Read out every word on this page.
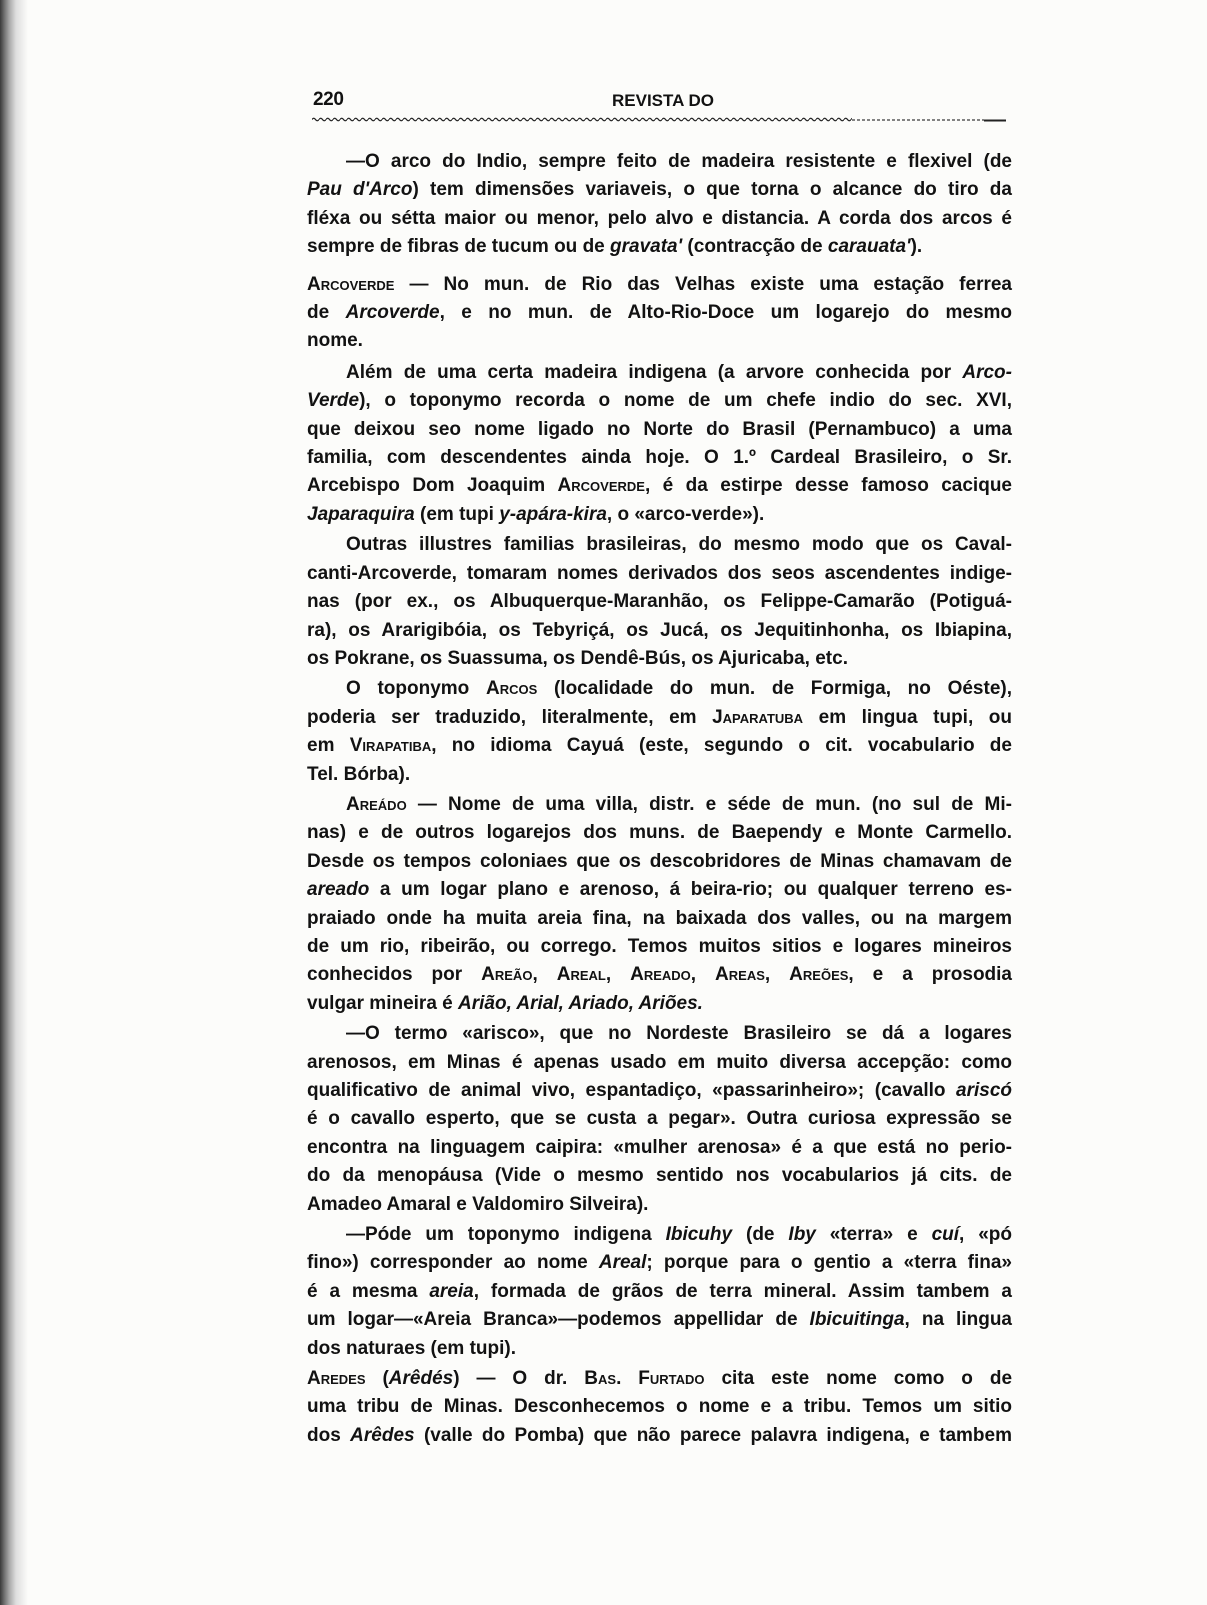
220	REVISTA DO
—O arco do Indio, sempre feito de madeira resistente e flexivel (de
Pau d'Arco) tem dimensões variaveis, o que torna o alcance do tiro da
fléxa ou sétta maior ou menor, pelo alvo e distancia. A corda dos arcos é
sempre de fibras de tucum ou de gravata' (contracção de carauata').
Arcoverde — No mun. de Rio das Velhas existe uma estação ferrea
de Arcoverde, e no mun. de Alto-Rio-Doce um logarejo do mesmo
nome.
Além de uma certa madeira indigena (a arvore conhecida por Arco-
Verde), o toponymo recorda o nome de um chefe indio do sec. XVI,
que deixou seo nome ligado no Norte do Brasil (Pernambuco) a uma
familia, com descendentes ainda hoje. O 1.º Cardeal Brasileiro, o Sr.
Arcebispo Dom Joaquim Arcoverde, é da estirpe desse famoso cacique
Japaraquira (em tupi y-apára-kira, o «arco-verde»).
Outras illustres familias brasileiras, do mesmo modo que os Caval-
canti-Arcoverde, tomaram nomes derivados dos seos ascendentes indige-
nas (por ex., os Albuquerque-Maranhão, os Felippe-Camarão (Potiguá-
ra), os Ararigibóia, os Tebyriçá, os Jucá, os Jequitinhonha, os Ibiapina,
os Pokrane, os Suassuma, os Dendê-Bús, os Ajuricaba, etc.
O toponymo Arcos (localidade do mun. de Formiga, no Oéste),
poderia ser traduzido, literalmente, em Japaratuba em lingua tupi, ou
em Virapatiba, no idioma Cayuá (este, segundo o cit. vocabulario de
Tel. Bórba).
Areádo — Nome de uma villa, distr. e séde de mun. (no sul de Mi-
nas) e de outros logarejos dos muns. de Baependy e Monte Carmello.
Desde os tempos coloniaes que os descobridores de Minas chamavam de
areado a um logar plano e arenoso, á beira-rio; ou qualquer terreno es-
praiado onde ha muita areia fina, na baixada dos valles, ou na margem
de um rio, ribeirão, ou corrego. Temos muitos sitios e logares mineiros
conhecidos por Areão, Areal, Areado, Areas, Areões, e a prosodia
vulgar mineira é Arião, Arial, Ariado, Ariões.
—O termo «arisco», que no Nordeste Brasileiro se dá a logares
arenosos, em Minas é apenas usado em muito diversa accepção: como
qualificativo de animal vivo, espantadiço, «passarinheiro»; (cavallo ariscó
é o cavallo esperto, que se custa a pegar». Outra curiosa expressão se
encontra na linguagem caipira: «mulher arenosa» é a que está no perio-
do da menopáusa (Vide o mesmo sentido nos vocabularios já cits. de
Amadeo Amaral e Valdomiro Silveira).
—Póde um toponymo indigena Ibicuhy (de Iby «terra» e cuí, «pó
fino») corresponder ao nome Areal; porque para o gentio a «terra fina»
é a mesma areia, formada de grãos de terra mineral. Assim tambem a
um logar—«Areia Branca»—podemos appellidar de Ibicuitinga, na lingua
dos naturaes (em tupi).
Aredes (Arêdés) — O dr. Bas. furtado cita este nome como o de
uma tribu de Minas. Desconhecemos o nome e a tribu. Temos um sitio
dos Arêdes (valle do Pomba) que não parece palavra indigena, e tambem
